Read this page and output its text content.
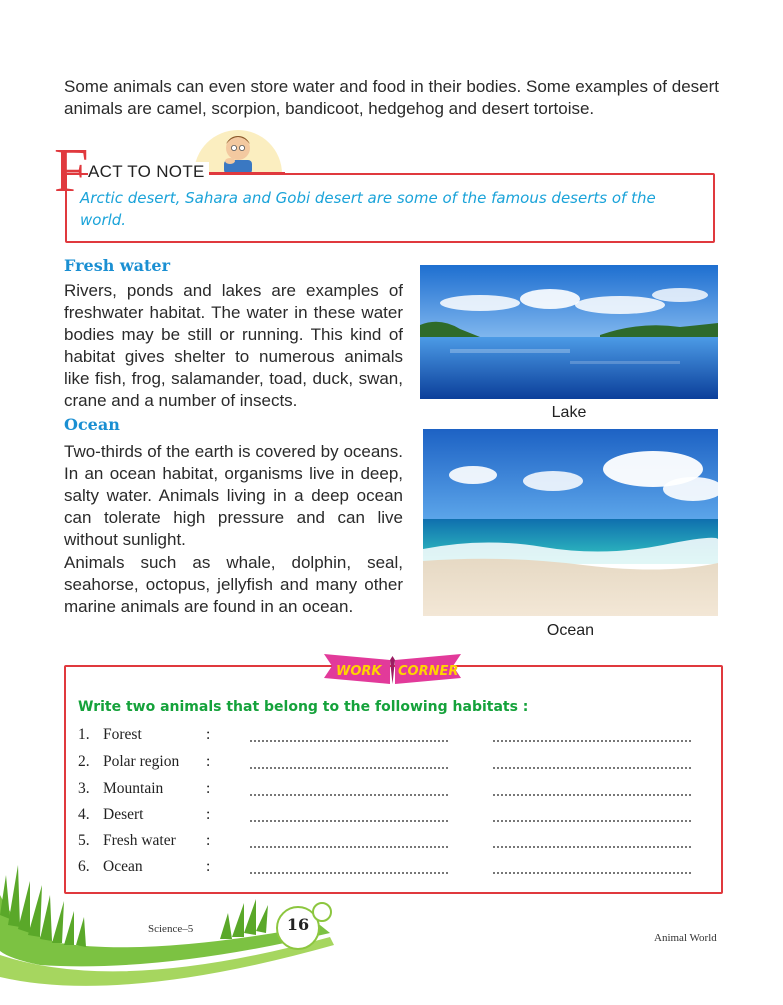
Some animals can even store water and food in their bodies. Some examples of desert animals are camel, scorpion, bandicoot, hedgehog and desert tortoise.
F ACT TO NOTE
Arctic desert, Sahara and Gobi desert are some of the famous deserts of the world.
Fresh water
Rivers, ponds and lakes are examples of freshwater habitat. The water in these water bodies may be still or running. This kind of habitat gives shelter to numerous animals like fish, frog, salamander, toad, duck, swan, crane and a number of insects.
Lake
Ocean
Two-thirds of the earth is covered by oceans. In an ocean habitat, organisms live in deep, salty water. Animals living in a deep ocean can tolerate high pressure and can live without sunlight.
Animals such as whale, dolphin, seal, seahorse, octopus, jellyfish and many other marine animals are found in an ocean.
Ocean
WORK CORNER
Write two animals that belong to the following habitats :
1. Forest	:
2. Polar region :
3. Mountain	:
4. Desert	:
5. Fresh water :
6. Ocean	:
Science–5	16
Animal World
